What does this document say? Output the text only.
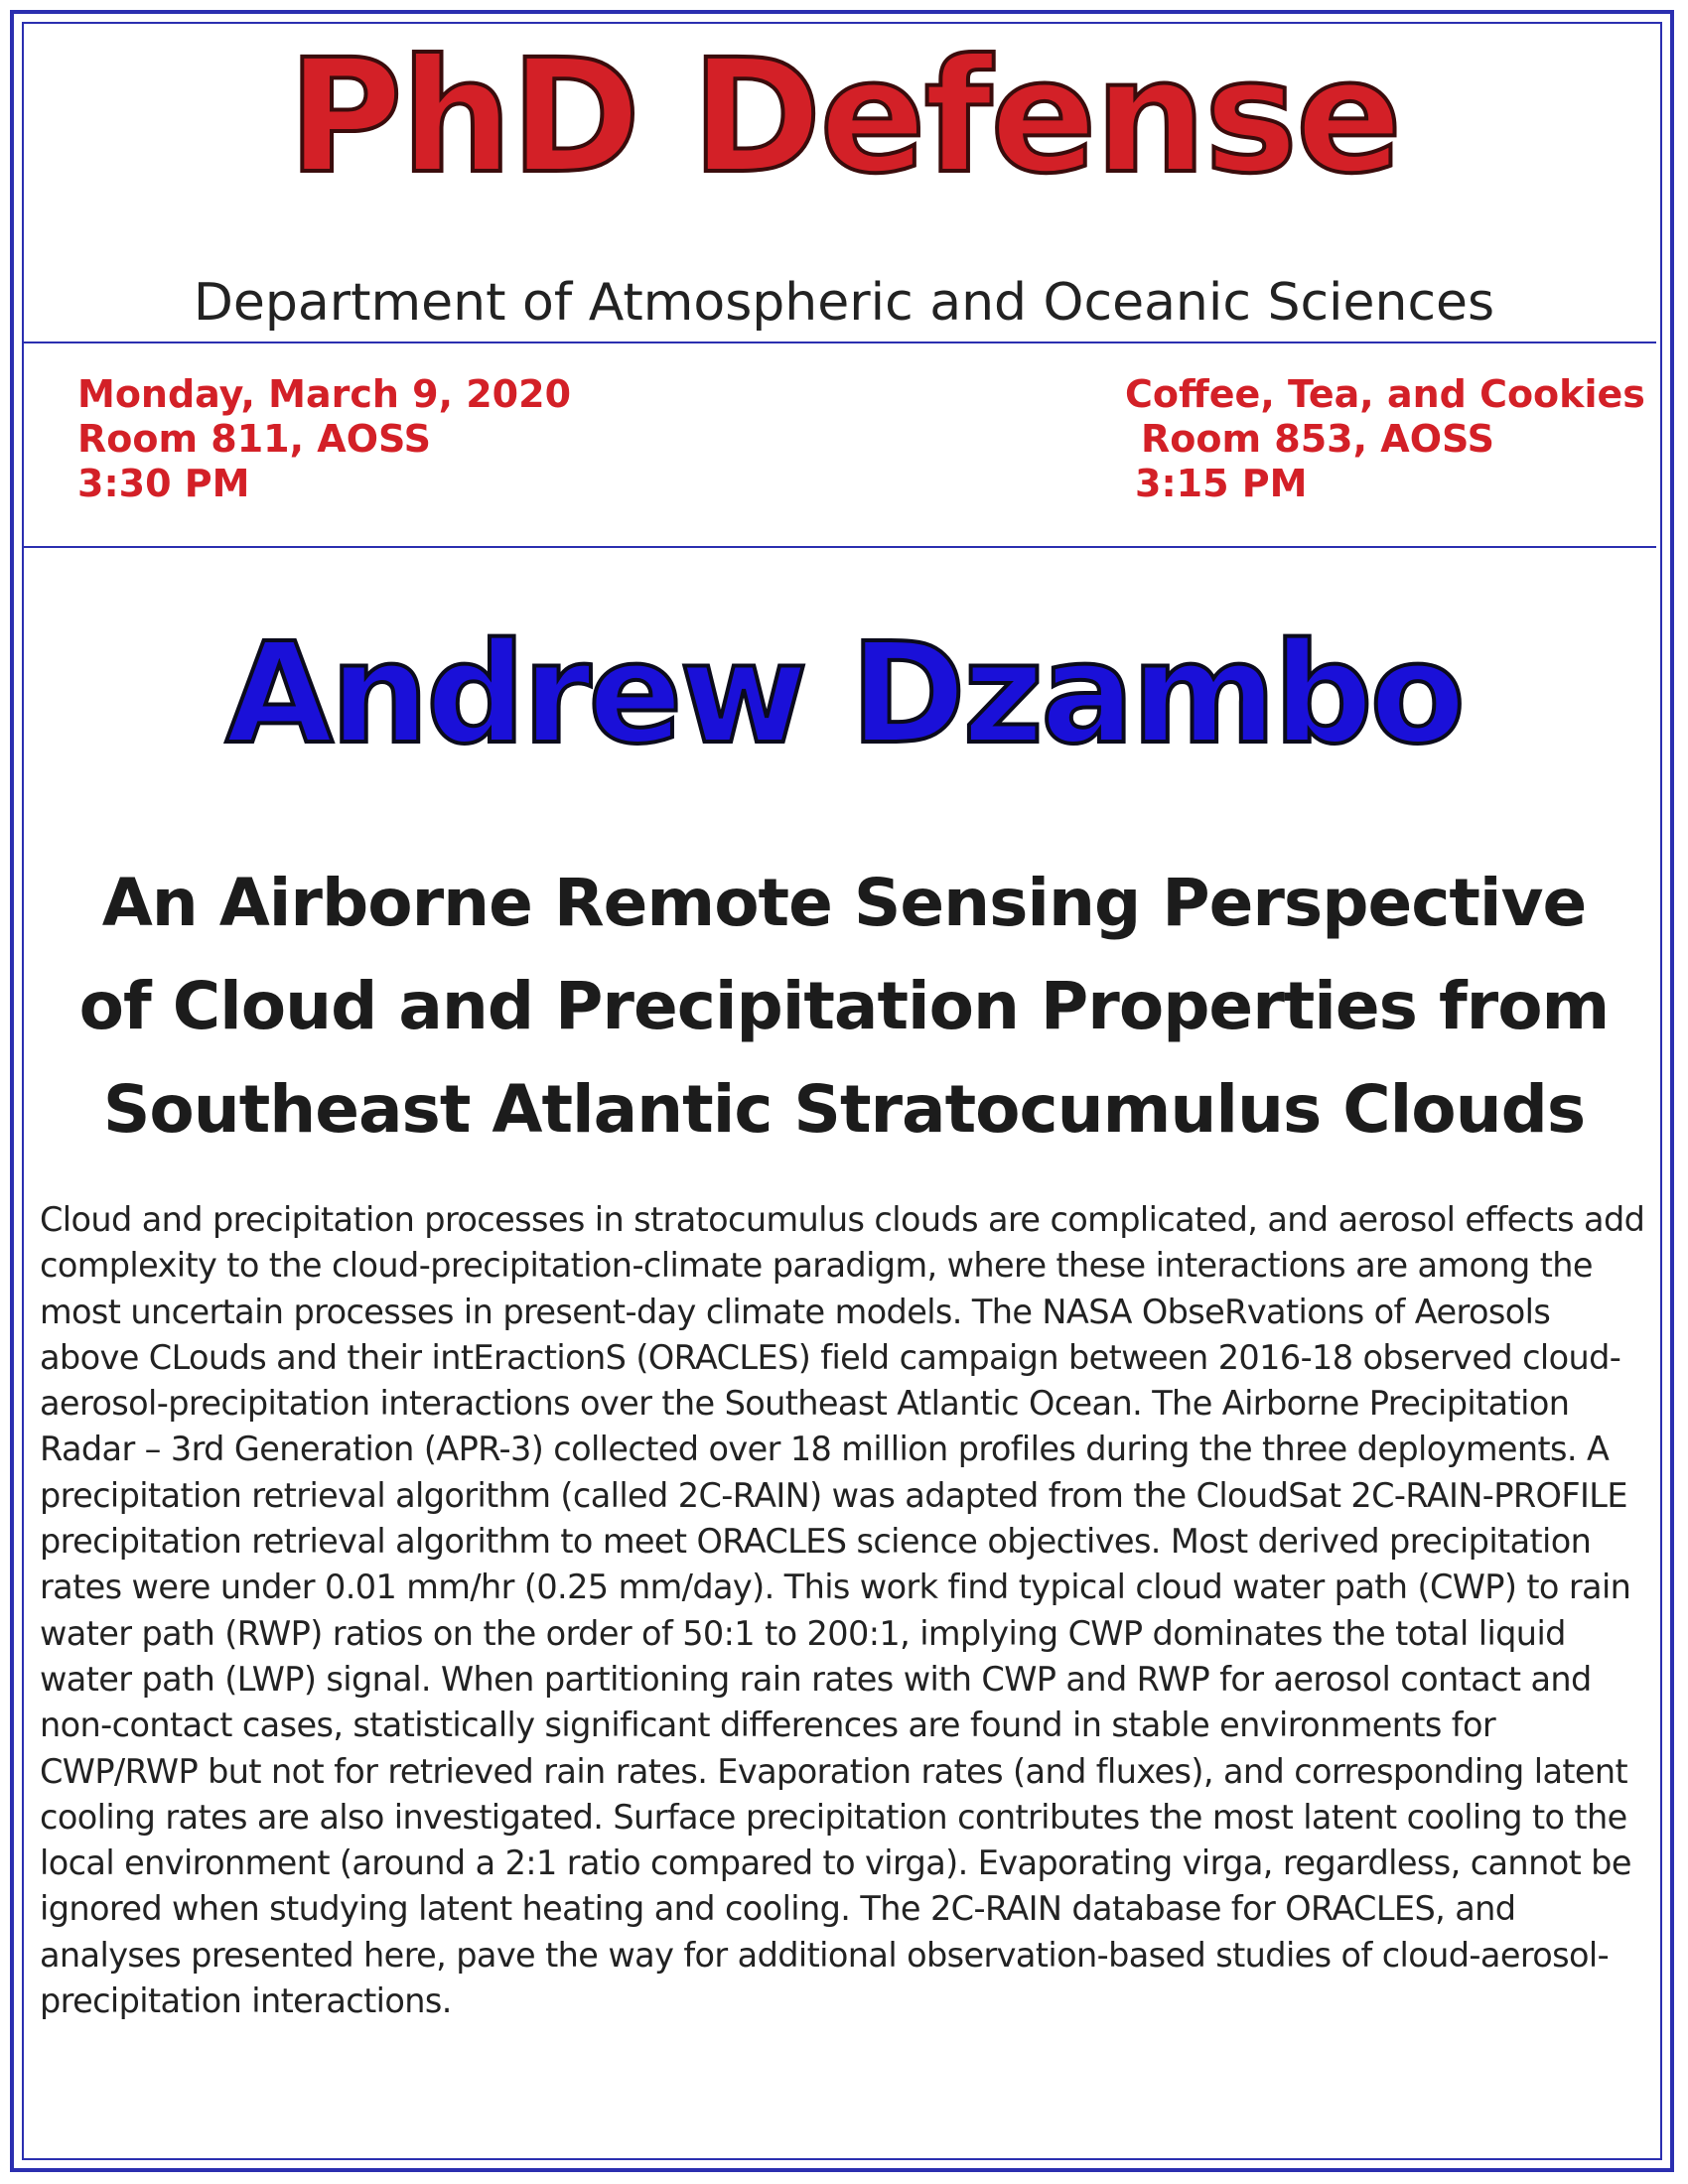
PhD Defense
Department of Atmospheric and Oceanic Sciences
Monday, March 9, 2020
Room 811, AOSS
3:30 PM
Coffee, Tea, and Cookies
Room 853, AOSS
3:15 PM
Andrew Dzambo
An Airborne Remote Sensing Perspective
of Cloud and Precipitation Properties from
Southeast Atlantic Stratocumulus Clouds
Cloud and precipitation processes in stratocumulus clouds are complicated, and aerosol effects add complexity to the cloud-precipitation-climate paradigm, where these interactions are among the most uncertain processes in present-day climate models. The NASA ObseRvations of Aerosols above CLouds and their intEractionS (ORACLES) field campaign between 2016-18 observed cloud-aerosol-precipitation interactions over the Southeast Atlantic Ocean. The Airborne Precipitation Radar – 3rd Generation (APR-3) collected over 18 million profiles during the three deployments. A precipitation retrieval algorithm (called 2C-RAIN) was adapted from the CloudSat 2C-RAIN-PROFILE precipitation retrieval algorithm to meet ORACLES science objectives. Most derived precipitation rates were under 0.01 mm/hr (0.25 mm/day). This work find typical cloud water path (CWP) to rain water path (RWP) ratios on the order of 50:1 to 200:1, implying CWP dominates the total liquid water path (LWP) signal. When partitioning rain rates with CWP and RWP for aerosol contact and non-contact cases, statistically significant differences are found in stable environments for CWP/RWP but not for retrieved rain rates. Evaporation rates (and fluxes), and corresponding latent cooling rates are also investigated. Surface precipitation contributes the most latent cooling to the local environment (around a 2:1 ratio compared to virga). Evaporating virga, regardless, cannot be ignored when studying latent heating and cooling. The 2C-RAIN database for ORACLES, and analyses presented here, pave the way for additional observation-based studies of cloud-aerosol-precipitation interactions.
